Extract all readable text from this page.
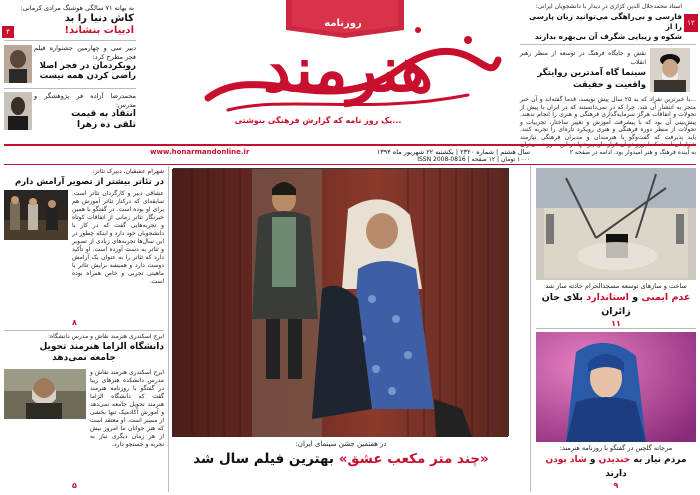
به بهانه ۷۱ سالگی هوشنگ مرادی کرمانی:
کاش دنیا را بد
ادبیات بنشاند!
۴
دبیر سی و چهارمین جشنواره فیلم فجر مطرح کرد:
رویکردمان در فجر اصلا
راضی کردن همه نیست
محمدرضا آزاده فر پژوهشگر و مدرس:
انتقاد به قیمت
تلقی ده زهرا
روزنامه
هنرمند
...یک روز نامه که گزارش فرهنگی بنوشتی
۱۲
استاد محمدجلال الدین کزازی در دیدار با دانشجویان ایرانی:
فارسی و بی‌راهگی می‌توانید زبان پارسی را از
شکوه و زیبایی شگرف آن بی‌بهره بدارند
نقش و جایگاه فرهنگ در توسعه از منظر رهبر انقلاب
سینما گاه آمدترین روایتگر
واقعیت و حقیقت
...با خبرترین نفراد که به ۲۵ سال پیش نویسد، قدما گفته‌اند و آن خبر منجر به انتشار آن شد. چرا که در نمی‌دانستند که در ایران با پیش از تحولات و اتفاقات هرگز سرمایه‌گذاری فرهنگی و هنری را انجام ندهند. پیش‌بینی آن بود که با پیشرفت آموزش و تغییر ساختار، تجربیات و تحولات از منظر دوره فرهنگی و هنری رویکرد تازه‌ای را تجربه کنند. باید پذیرفت که گفت‌وگو با هنرمندان و مدیران فرهنگی نیازمند به آینده فرهنگ و هنر امیدوار بود. ادامه در صفحه ۲
www.honarmandonline.ir	سال هشتم | شماره ۲۳۲۰ | یکشنبه ۲۲ شهریور ماه ۱۳۹۴
۱۰۰۰ تومان | ۱۲ صفحه | ISSN 2008-0816
شهرام عشقیان، دبیرک تئاتر:
در تئاتر بیشتر از تصویر آرامش دارم
عشاقی دبیر و کارگردان تئاتر است. سابقه‌ای که درکنار تئاتر آموزش هم برای او بوده است. در گفتگو با همین خبرنگار تئاتر زمانی از اتفاقات کوتاه و تجربه‌هایی گفت که در کار با دانشجویان خود دارد و اینکه چطور در این سال‌ها تجربه‌های زیادی از تصویر و تئاتر به دست آورده است. او تأکید دارد که تئاتر را به عنوان یک آرامش دوست دارد و همیشه برایش تئاتر با ماهیتی تجربی و خاص همراه بوده است.
۸
ایرج اسکندری هنرمند نقاش و مدرس دانشگاه:
دانشگاه الزاما هنرمند تحویل
جامعه نمی‌دهد
ایرج اسکندری هنرمند نقاش و مدرس دانشکده هنرهای زیبا در گفتگو با روزنامه هنرمند گفت که دانشگاه الزاما هنرمند تحویل جامعه نمی‌دهد و آموزش آکادمیک تنها بخشی از مسیر است. او معتقد است که هنر جوانان ما امروز بیش از هر زمان دیگری نیاز به تجربه و جستجو دارد.
۵
در هفتمین جشن سینمای ایران:
«چند متر مکعب عشق» بهترین فیلم سال شد
ساخت و سازهای توسعه مسجدالحرام حادثه ساز شد
عدم ایمنی و استاندارد بلای جان زائران
۱۱
مرجانه گلچین در گفتگو با روزنامه هنرمند:
مردم نیاز به خندیدن و شاد بودن دارند
۹
